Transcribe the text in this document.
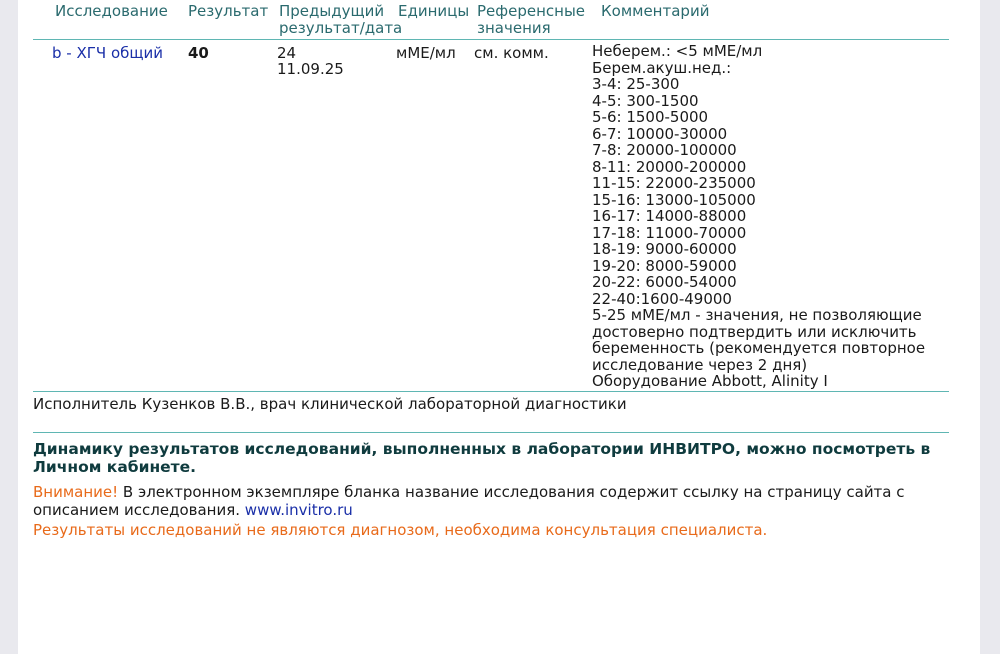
Исследование Результат Предыдущий
результат/дата
Единицы Референсные
значения
Комментарий
b - ХГЧ общий 40	24
11.09.25
мМЕ/мл см. комм.	Неберем.: <5 мМЕ/мл
Берем.акуш.нед.:
3-4: 25-300
4-5: 300-1500
5-6: 1500-5000
6-7: 10000-30000
7-8: 20000-100000
8-11: 20000-200000
11-15: 22000-235000
15-16: 13000-105000
16-17: 14000-88000
17-18: 11000-70000
18-19: 9000-60000
19-20: 8000-59000
20-22: 6000-54000
22-40:1600-49000
5-25 мМЕ/мл - значения, не позволяющие
достоверно подтвердить или исключить
беременность (рекомендуется повторное
исследование через 2 дня)
Оборудование Abbott, Alinity I
Исполнитель Кузенков В.В., врач клинической лабораторной диагностики
Динамику результатов исследований, выполненных в лаборатории ИНВИТРО, можно посмотреть в Личном кабинете.
Внимание! В электронном экземпляре бланка название исследования содержит ссылку на страницу сайта с описанием исследования. www.invitro.ru
Результаты исследований не являются диагнозом, необходима консультация специалиста.
